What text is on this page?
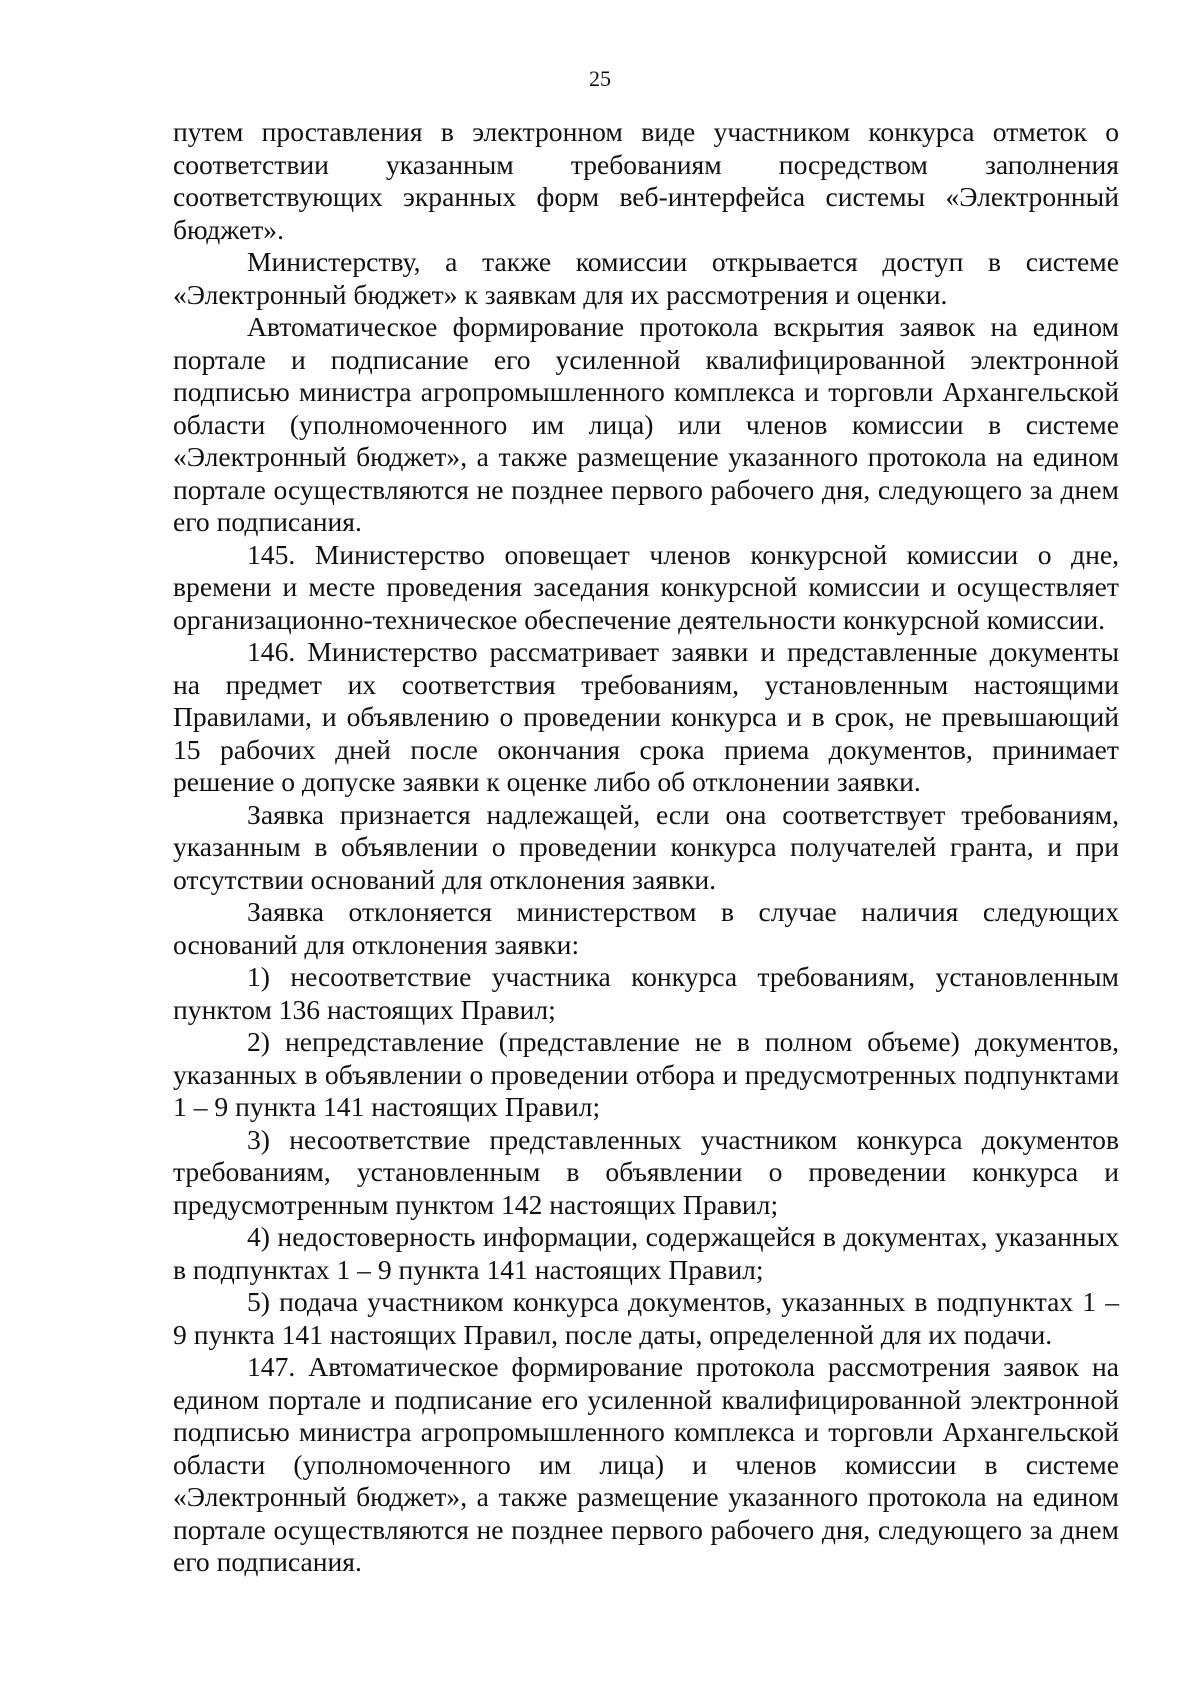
25

путем проставления в электронном виде участником конкурса отметок о соответствии указанным требованиям посредством заполнения соответствующих экранных форм веб-интерфейса системы «Электронный бюджет».

Министерству, а также комиссии открывается доступ в системе «Электронный бюджет» к заявкам для их рассмотрения и оценки.

Автоматическое формирование протокола вскрытия заявок на едином портале и подписание его усиленной квалифицированной электронной подписью министра агропромышленного комплекса и торговли Архангельской области (уполномоченного им лица) или членов комиссии в системе «Электронный бюджет», а также размещение указанного протокола на едином портале осуществляются не позднее первого рабочего дня, следующего за днем его подписания.

145. Министерство оповещает членов конкурсной комиссии о дне, времени и месте проведения заседания конкурсной комиссии и осуществляет организационно-техническое обеспечение деятельности конкурсной комиссии.

146. Министерство рассматривает заявки и представленные документы на предмет их соответствия требованиям, установленным настоящими Правилами, и объявлению о проведении конкурса и в срок, не превышающий 15 рабочих дней после окончания срока приема документов, принимает решение о допуске заявки к оценке либо об отклонении заявки.

Заявка признается надлежащей, если она соответствует требованиям, указанным в объявлении о проведении конкурса получателей гранта, и при отсутствии оснований для отклонения заявки.

Заявка отклоняется министерством в случае наличия следующих оснований для отклонения заявки:

1) несоответствие участника конкурса требованиям, установленным пунктом 136 настоящих Правил;

2) непредставление (представление не в полном объеме) документов, указанных в объявлении о проведении отбора и предусмотренных подпунктами 1 – 9 пункта 141 настоящих Правил;

3) несоответствие представленных участником конкурса документов требованиям, установленным в объявлении о проведении конкурса и предусмотренным пунктом 142 настоящих Правил;

4) недостоверность информации, содержащейся в документах, указанных в подпунктах 1 – 9 пункта 141 настоящих Правил;

5) подача участником конкурса документов, указанных в подпунктах 1 – 9 пункта 141 настоящих Правил, после даты, определенной для их подачи.

147. Автоматическое формирование протокола рассмотрения заявок на едином портале и подписание его усиленной квалифицированной электронной подписью министра агропромышленного комплекса и торговли Архангельской области (уполномоченного им лица) и членов комиссии в системе «Электронный бюджет», а также размещение указанного протокола на едином портале осуществляются не позднее первого рабочего дня, следующего за днем его подписания.
